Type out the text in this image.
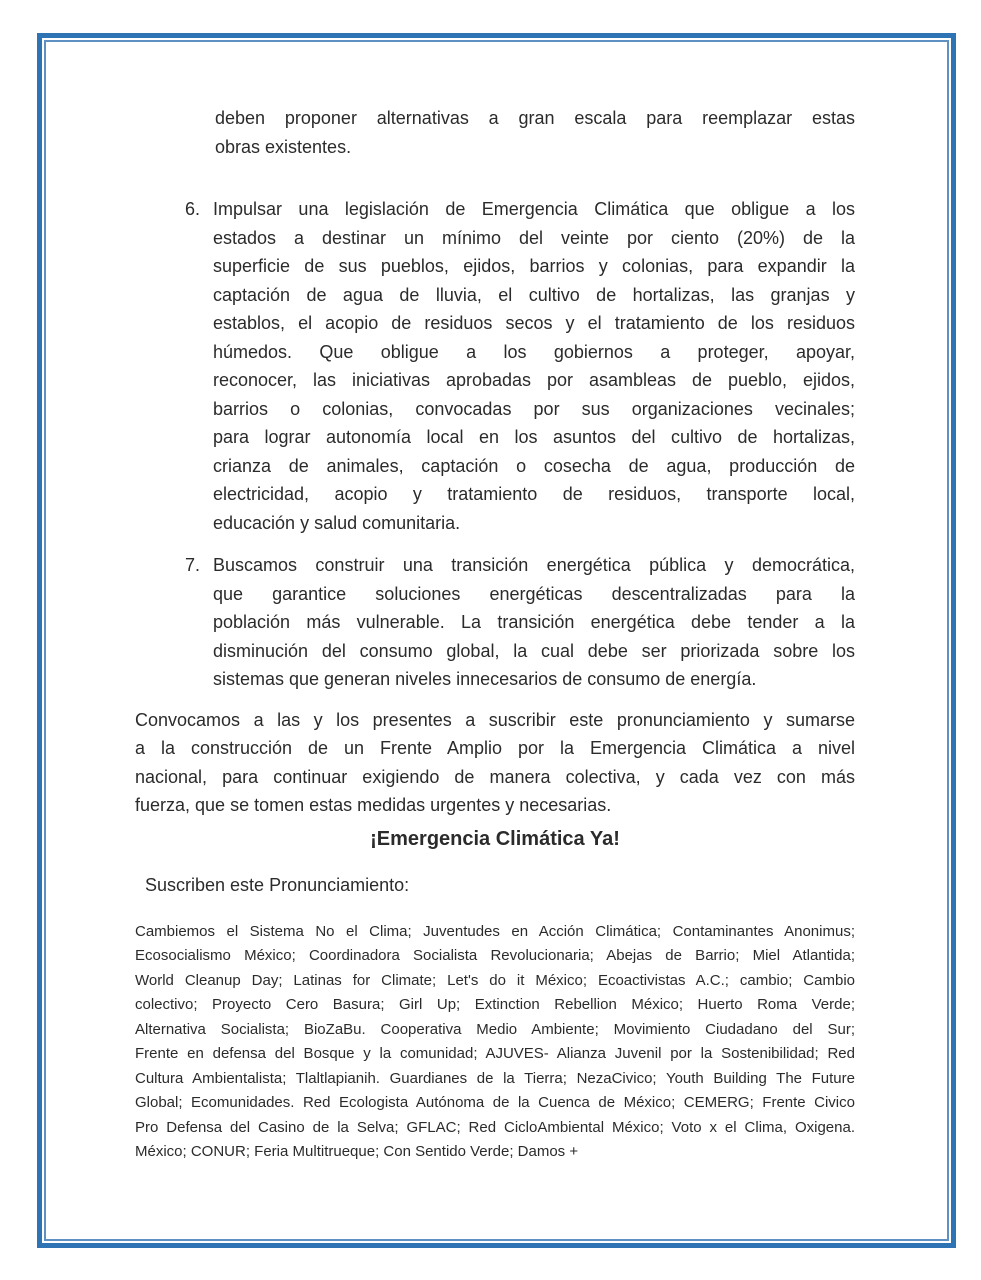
deben proponer alternativas a gran escala para reemplazar estas
obras existentes.
6. Impulsar una legislación de Emergencia Climática que obligue a los
estados a destinar un mínimo del veinte por ciento (20%) de la
superficie de sus pueblos, ejidos, barrios y colonias, para expandir la
captación de agua de lluvia, el cultivo de hortalizas, las granjas y
establos, el acopio de residuos secos y el tratamiento de los residuos
húmedos. Que obligue a los gobiernos a proteger, apoyar,
reconocer, las iniciativas aprobadas por asambleas de pueblo, ejidos,
barrios o colonias, convocadas por sus organizaciones vecinales;
para lograr autonomía local en los asuntos del cultivo de hortalizas,
crianza de animales, captación o cosecha de agua, producción de
electricidad, acopio y tratamiento de residuos, transporte local,
educación y salud comunitaria.
7. Buscamos construir una transición energética pública y democrática,
que garantice soluciones energéticas descentralizadas para la
población más vulnerable. La transición energética debe tender a la
disminución del consumo global, la cual debe ser priorizada sobre los
sistemas que generan niveles innecesarios de consumo de energía.
Convocamos a las y los presentes a suscribir este pronunciamiento y sumarse
a la construcción de un Frente Amplio por la Emergencia Climática a nivel
nacional, para continuar exigiendo de manera colectiva, y cada vez con más
fuerza, que se tomen estas medidas urgentes y necesarias.
¡Emergencia Climática Ya!
Suscriben este Pronunciamiento:
Cambiemos el Sistema No el Clima; Juventudes en Acción Climática; Contaminantes Anonimus;
Ecosocialismo México; Coordinadora Socialista Revolucionaria; Abejas de Barrio; Miel Atlantida;
World Cleanup Day; Latinas for Climate; Let's do it México; Ecoactivistas A.C.; cambio; Cambio
colectivo; Proyecto Cero Basura; Girl Up; Extinction Rebellion México; Huerto Roma Verde;
Alternativa Socialista; BioZaBu. Cooperativa Medio Ambiente; Movimiento Ciudadano del Sur;
Frente en defensa del Bosque y la comunidad; AJUVES- Alianza Juvenil por la Sostenibilidad; Red
Cultura Ambientalista; Tlaltlapianih. Guardianes de la Tierra; NezaCivico; Youth Building The Future
Global; Ecomunidades. Red Ecologista Autónoma de la Cuenca de México; CEMERG; Frente Civico
Pro Defensa del Casino de la Selva; GFLAC; Red CicloAmbiental México; Voto x el Clima, Oxigena.
México; CONUR; Feria Multitrueque; Con Sentido Verde; Damos +
